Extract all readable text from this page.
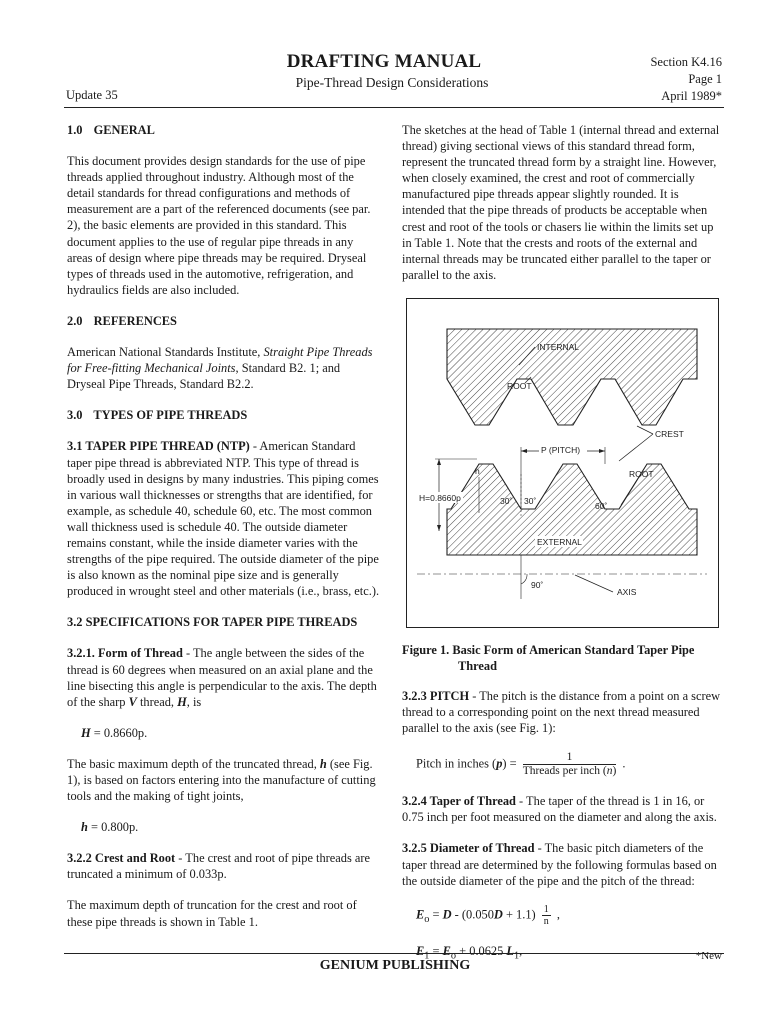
DRAFTING MANUAL
Pipe-Thread Design Considerations
Update 35
Section K4.16
Page 1
April 1989*
1.0 GENERAL

This document provides design standards for the use of pipe threads applied throughout industry. Although most of the detail standards for thread configurations and methods of measurement are a part of the referenced documents (see par. 2), the basic elements are provided in this standard. This document applies to the use of regular pipe threads in any areas of design where pipe threads may be required. Dryseal types of threads used in the automotive, refrigeration, and hydraulics fields are also included.

2.0 REFERENCES

American National Standards Institute, Straight Pipe Threads for Free-fitting Mechanical Joints, Standard B2. 1; and Dryseal Pipe Threads, Standard B2.2.

3.0 TYPES OF PIPE THREADS

3.1 TAPER PIPE THREAD (NTP) - American Standard taper pipe thread is abbreviated NTP. This type of thread is broadly used in designs by many industries. This piping comes in various wall thicknesses or strengths that are identified, for example, as schedule 40, schedule 60, etc. The most common wall thickness used is schedule 40. The outside diameter remains constant, while the inside diameter varies with the strengths of the pipe required. The outside diameter of the pipe is also known as the nominal pipe size and is generally produced in wrought steel and other materials (i.e., brass, etc.).

3.2 SPECIFICATIONS FOR TAPER PIPE THREADS

3.2.1. Form of Thread - The angle between the sides of the thread is 60 degrees when measured on an axial plane and the line bisecting this angle is perpendicular to the axis. The depth of the sharp V thread, H, is

H = 0.8660p.

The basic maximum depth of the truncated thread, h (see Fig. 1), is based on factors entering into the manufacture of cutting tools and the making of tight joints,

h = 0.800p.

3.2.2 Crest and Root - The crest and root of pipe threads are truncated a minimum of 0.033p.

The maximum depth of truncation for the crest and root of these pipe threads is shown in Table 1.

The sketches at the head of Table 1 (internal thread and external thread) giving sectional views of this standard thread form, represent the truncated thread form by a straight line. However, when closely examined, the crest and root of commercially manufactured pipe threads appear slightly rounded. It is intended that the pipe threads of products be acceptable when crest and root of the tools or chasers lie within the limits set up in Table 1. Note that the crests and roots of the external and internal threads may be truncated either parallel to the taper or parallel to the axis.

INTERNAL
ROOT
CREST
P (PITCH)
H=0.8660p
h
30˚ 30˚	60˚
ROOT
EXTERNAL
90˚
AXIS
Figure 1. Basic Form of American Standard Taper Pipe
Thread

3.2.3 PITCH - The pitch is the distance from a point on a screw thread to a corresponding point on the next thread measured parallel to the axis (see Fig. 1):

Pitch in inches $(p) = \frac{1}{\text{Threads per inch (n)}}$ .

3.2.4 Taper of Thread - The taper of the thread is 1 in 16, or 0.75 inch per foot measured on the diameter and along the axis.

3.2.5 Diameter of Thread - The basic pitch diameters of the taper thread are determined by the following formulas based on the outside diameter of the pipe and the pitch of the thread:

$E_o = D - (0.050D + 1.1) \frac{1}{n}$ ,

$E_1 = E_o + 0.0625$ $L_1$,

GENIUM PUBLISHING
*New
